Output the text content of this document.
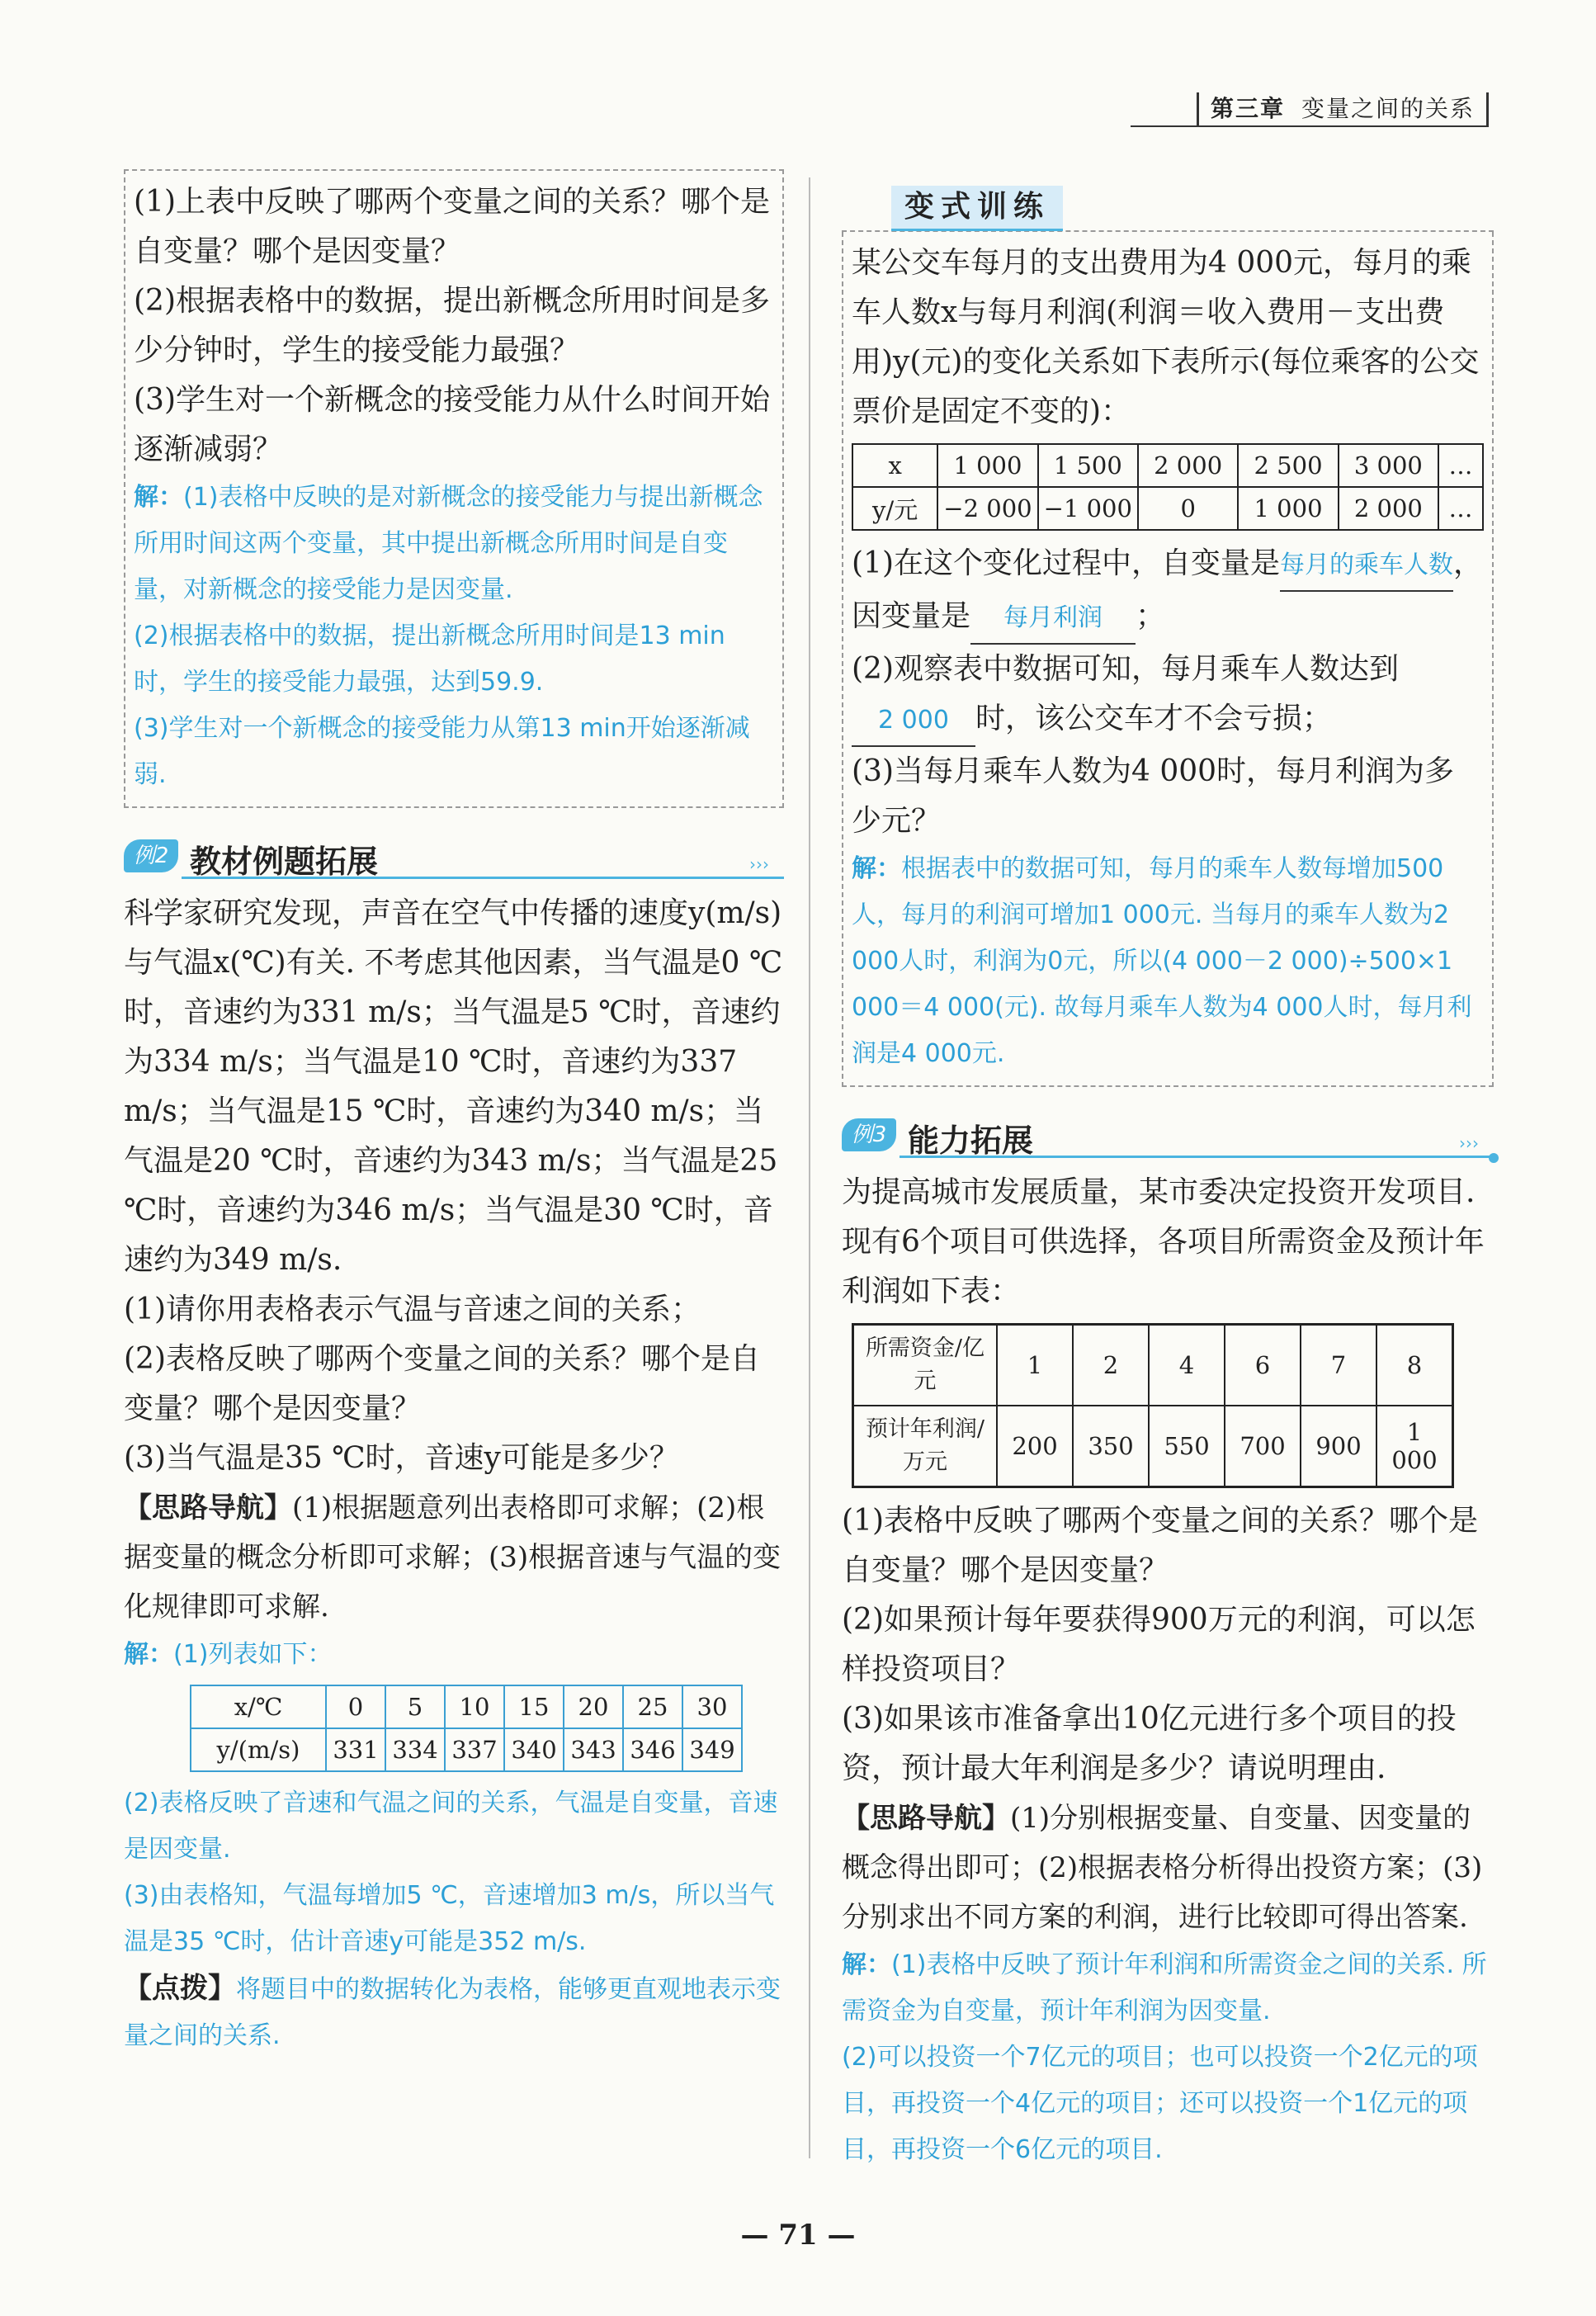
第三章 变量之间的关系

(1)上表中反映了哪两个变量之间的关系？哪个是自变量？哪个是因变量？

(2)根据表格中的数据，提出新概念所用时间是多少分钟时，学生的接受能力最强？

(3)学生对一个新概念的接受能力从什么时间开始逐渐减弱？

解：(1)表格中反映的是对新概念的接受能力与提出新概念所用时间这两个变量，其中提出新概念所用时间是自变量，对新概念的接受能力是因变量.

(2)根据表格中的数据，提出新概念所用时间是13 min时，学生的接受能力最强，达到59.9.

(3)学生对一个新概念的接受能力从第13 min开始逐渐减弱.

例2 教材例题拓展	›››

科学家研究发现，声音在空气中传播的速度y(m/s)与气温x(℃)有关. 不考虑其他因素，当气温是0 ℃时，音速约为331 m/s；当气温是5 ℃时，音速约为334 m/s；当气温是10 ℃时，音速约为337 m/s；当气温是15 ℃时，音速约为340 m/s；当气温是20 ℃时，音速约为343 m/s；当气温是25 ℃时，音速约为346 m/s；当气温是30 ℃时，音速约为349 m/s.

(1)请你用表格表示气温与音速之间的关系；

(2)表格反映了哪两个变量之间的关系？哪个是自变量？哪个是因变量？

(3)当气温是35 ℃时，音速y可能是多少？

【思路导航】(1)根据题意列出表格即可求解；(2)根据变量的概念分析即可求解；(3)根据音速与气温的变化规律即可求解.

解：(1)列表如下：

x/℃	0	5	10	15	20	25	30
y/(m/s)	331	334	337	340	343	346	349

(2)表格反映了音速和气温之间的关系，气温是自变量，音速是因变量.

(3)由表格知，气温每增加5 ℃，音速增加3 m/s，所以当气温是35 ℃时，估计音速y可能是352 m/s.

【点拨】将题目中的数据转化为表格，能够更直观地表示变量之间的关系.

变式训练

某公交车每月的支出费用为4 000元，每月的乘车人数x与每月利润(利润＝收入费用－支出费用)y(元)的变化关系如下表所示(每位乘客的公交票价是固定不变的)：

x	1 000	1 500	2 000	2 500	3 000	…
y/元	−2 000	−1 000	0	1 000	2 000	…

(1)在这个变化过程中，自变量是每月的乘车人数，因变量是 每月利润 ；

(2)观察表中数据可知，每月乘车人数达到2 000 时，该公交车才不会亏损；

(3)当每月乘车人数为4 000时，每月利润为多少元？

解：根据表中的数据可知，每月的乘车人数每增加500人，每月的利润可增加1 000元. 当每月的乘车人数为2 000人时，利润为0元，所以(4 000－2 000)÷500×1 000＝4 000(元). 故每月乘车人数为4 000人时，每月利润是4 000元.

例3 能力拓展	›››

为提高城市发展质量，某市委决定投资开发项目. 现有6个项目可供选择，各项目所需资金及预计年利润如下表：

所需资金/亿元	1	2	4	6	7	8
预计年利润/万元	200	350	550	700	900	1 000

(1)表格中反映了哪两个变量之间的关系？哪个是自变量？哪个是因变量？

(2)如果预计每年要获得900万元的利润，可以怎样投资项目？

(3)如果该市准备拿出10亿元进行多个项目的投资，预计最大年利润是多少？请说明理由.

【思路导航】(1)分别根据变量、自变量、因变量的概念得出即可；(2)根据表格分析得出投资方案；(3)分别求出不同方案的利润，进行比较即可得出答案.

解：(1)表格中反映了预计年利润和所需资金之间的关系. 所需资金为自变量，预计年利润为因变量.

(2)可以投资一个7亿元的项目；也可以投资一个2亿元的项目，再投资一个4亿元的项目；还可以投资一个1亿元的项目，再投资一个6亿元的项目.

— 71 —
